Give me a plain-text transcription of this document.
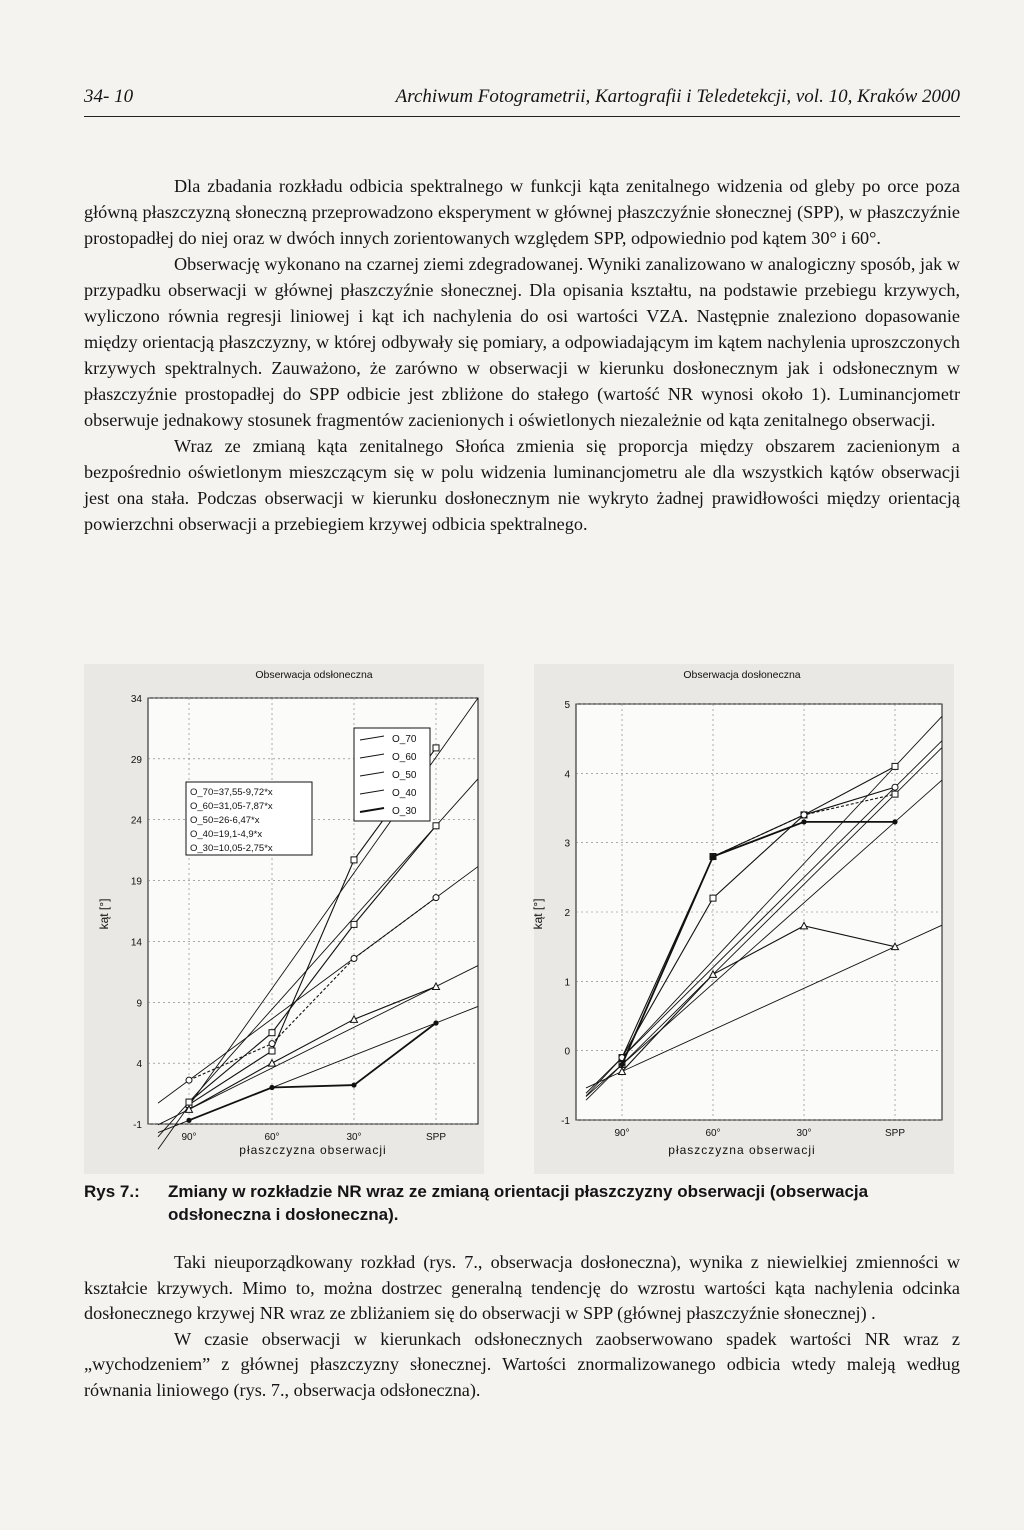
34- 10	Archiwum Fotogrametrii, Kartografii i Teledetekcji, vol. 10, Kraków 2000

Dla zbadania rozkładu odbicia spektralnego w funkcji kąta zenitalnego widzenia od gleby po orce poza główną płaszczyzną słoneczną przeprowadzono eksperyment w głównej płaszczyźnie słonecznej (SPP), w płaszczyźnie prostopadłej do niej oraz w dwóch innych zorientowanych względem SPP, odpowiednio pod kątem 30° i 60°.

Obserwację wykonano na czarnej ziemi zdegradowanej. Wyniki zanalizowano w analogiczny sposób, jak w przypadku obserwacji w głównej płaszczyźnie słonecznej. Dla opisania kształtu, na podstawie przebiegu krzywych, wyliczono równia regresji liniowej i kąt ich nachylenia do osi wartości VZA. Następnie znaleziono dopasowanie między orientacją płaszczyzny, w której odbywały się pomiary, a odpowiadającym im kątem nachylenia uproszczonych krzywych spektralnych. Zauważono, że zarówno w obserwacji w kierunku dosłonecznym jak i odsłonecznym w płaszczyźnie prostopadłej do SPP odbicie jest zbliżone do stałego (wartość NR wynosi około 1). Luminancjometr obserwuje jednakowy stosunek fragmentów zacienionych i oświetlonych niezależnie od kąta zenitalnego obserwacji.

Wraz ze zmianą kąta zenitalnego Słońca zmienia się proporcja między obszarem zacienionym a bezpośrednio oświetlonym mieszczącym się w polu widzenia luminancjometru ale dla wszystkich kątów obserwacji jest ona stała. Podczas obserwacji w kierunku dosłonecznym nie wykryto żadnej prawidłowości między orientacją powierzchni obserwacji a przebiegiem krzywej odbicia spektralnego.

Obserwacja odsłoneczna
34
29
24
19
14
9
4
-1
90°	60°	30°	SPP
O_70=37,55-9,72*x
O_60=31,05-7,87*x
O_50=26-6,47*x
O_40=19,1-4,9*x
O_30=10,05-2,75*x
O_70
O_60
O_50
O_40
O_30
płaszczyzna obserwacji
kąt [°]
Obserwacja dosłoneczna
5
4
3
2
1
0
-1
90°	60°	30°	SPP
płaszczyzna obserwacji
kąt [°]
Rys 7.: Zmiany w rozkładzie NR wraz ze zmianą orientacji płaszczyzny obserwacji (obserwacja odsłoneczna i dosłoneczna).

Taki nieuporządkowany rozkład (rys. 7., obserwacja dosłoneczna), wynika z niewielkiej zmienności w kształcie krzywych. Mimo to, można dostrzec generalną tendencję do wzrostu wartości kąta nachylenia odcinka dosłonecznego krzywej NR wraz ze zbliżaniem się do obserwacji w SPP (głównej płaszczyźnie słonecznej) .

W czasie obserwacji w kierunkach odsłonecznych zaobserwowano spadek wartości NR wraz z „wychodzeniem” z głównej płaszczyzny słonecznej. Wartości znormalizowanego odbicia wtedy maleją według równania liniowego (rys. 7., obserwacja odsłoneczna).
